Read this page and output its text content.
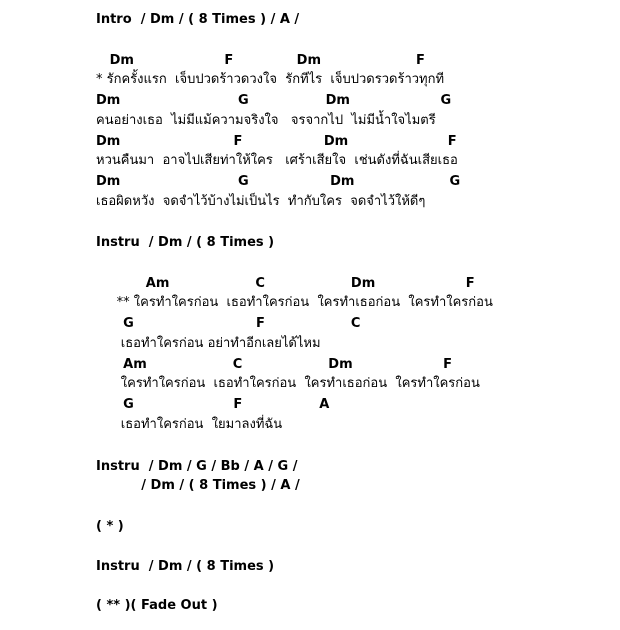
Intro  / Dm / ( 8 Times ) / A /
Dm                    F              Dm                     F
* รักครั้งแรก  เจ็บปวดร้าวดวงใจ  รักทีไร  เจ็บปวดรวดร้าวทุกที
Dm                          G                 Dm                    G
คนอย่างเธอ  ไม่มีแม้ความจริงใจ   จรจากไป  ไม่มีน้ำใจไมตรี
Dm                         F                  Dm                      F
หวนคืนมา  อาจไปเสียท่าให้ใคร   เศร้าเสียใจ  เช่นดังที่ฉันเสียเธอ
Dm                          G                  Dm                     G
เธอผิดหวัง  จดจำไว้บ้างไม่เป็นไร  ทำกับใคร  จดจำไว้ให้ดีๆ
Instru  / Dm / ( 8 Times )
Am                   C                   Dm                    F
** ใครทำใครก่อน  เธอทำใครก่อน  ใครทำเธอก่อน  ใครทำใครก่อน
G                           F                   C
เธอทำใครก่อน อย่าทำอีกเลยได้ไหม
Am                   C                   Dm                    F
ใครทำใครก่อน  เธอทำใครก่อน  ใครทำเธอก่อน  ใครทำใครก่อน
G                      F                 A
เธอทำใครก่อน  ใยมาลงที่ฉัน
Instru  / Dm / G / Bb / A / G /
/ Dm / ( 8 Times ) / A /
( * )
Instru  / Dm / ( 8 Times )
( ** )( Fade Out )
